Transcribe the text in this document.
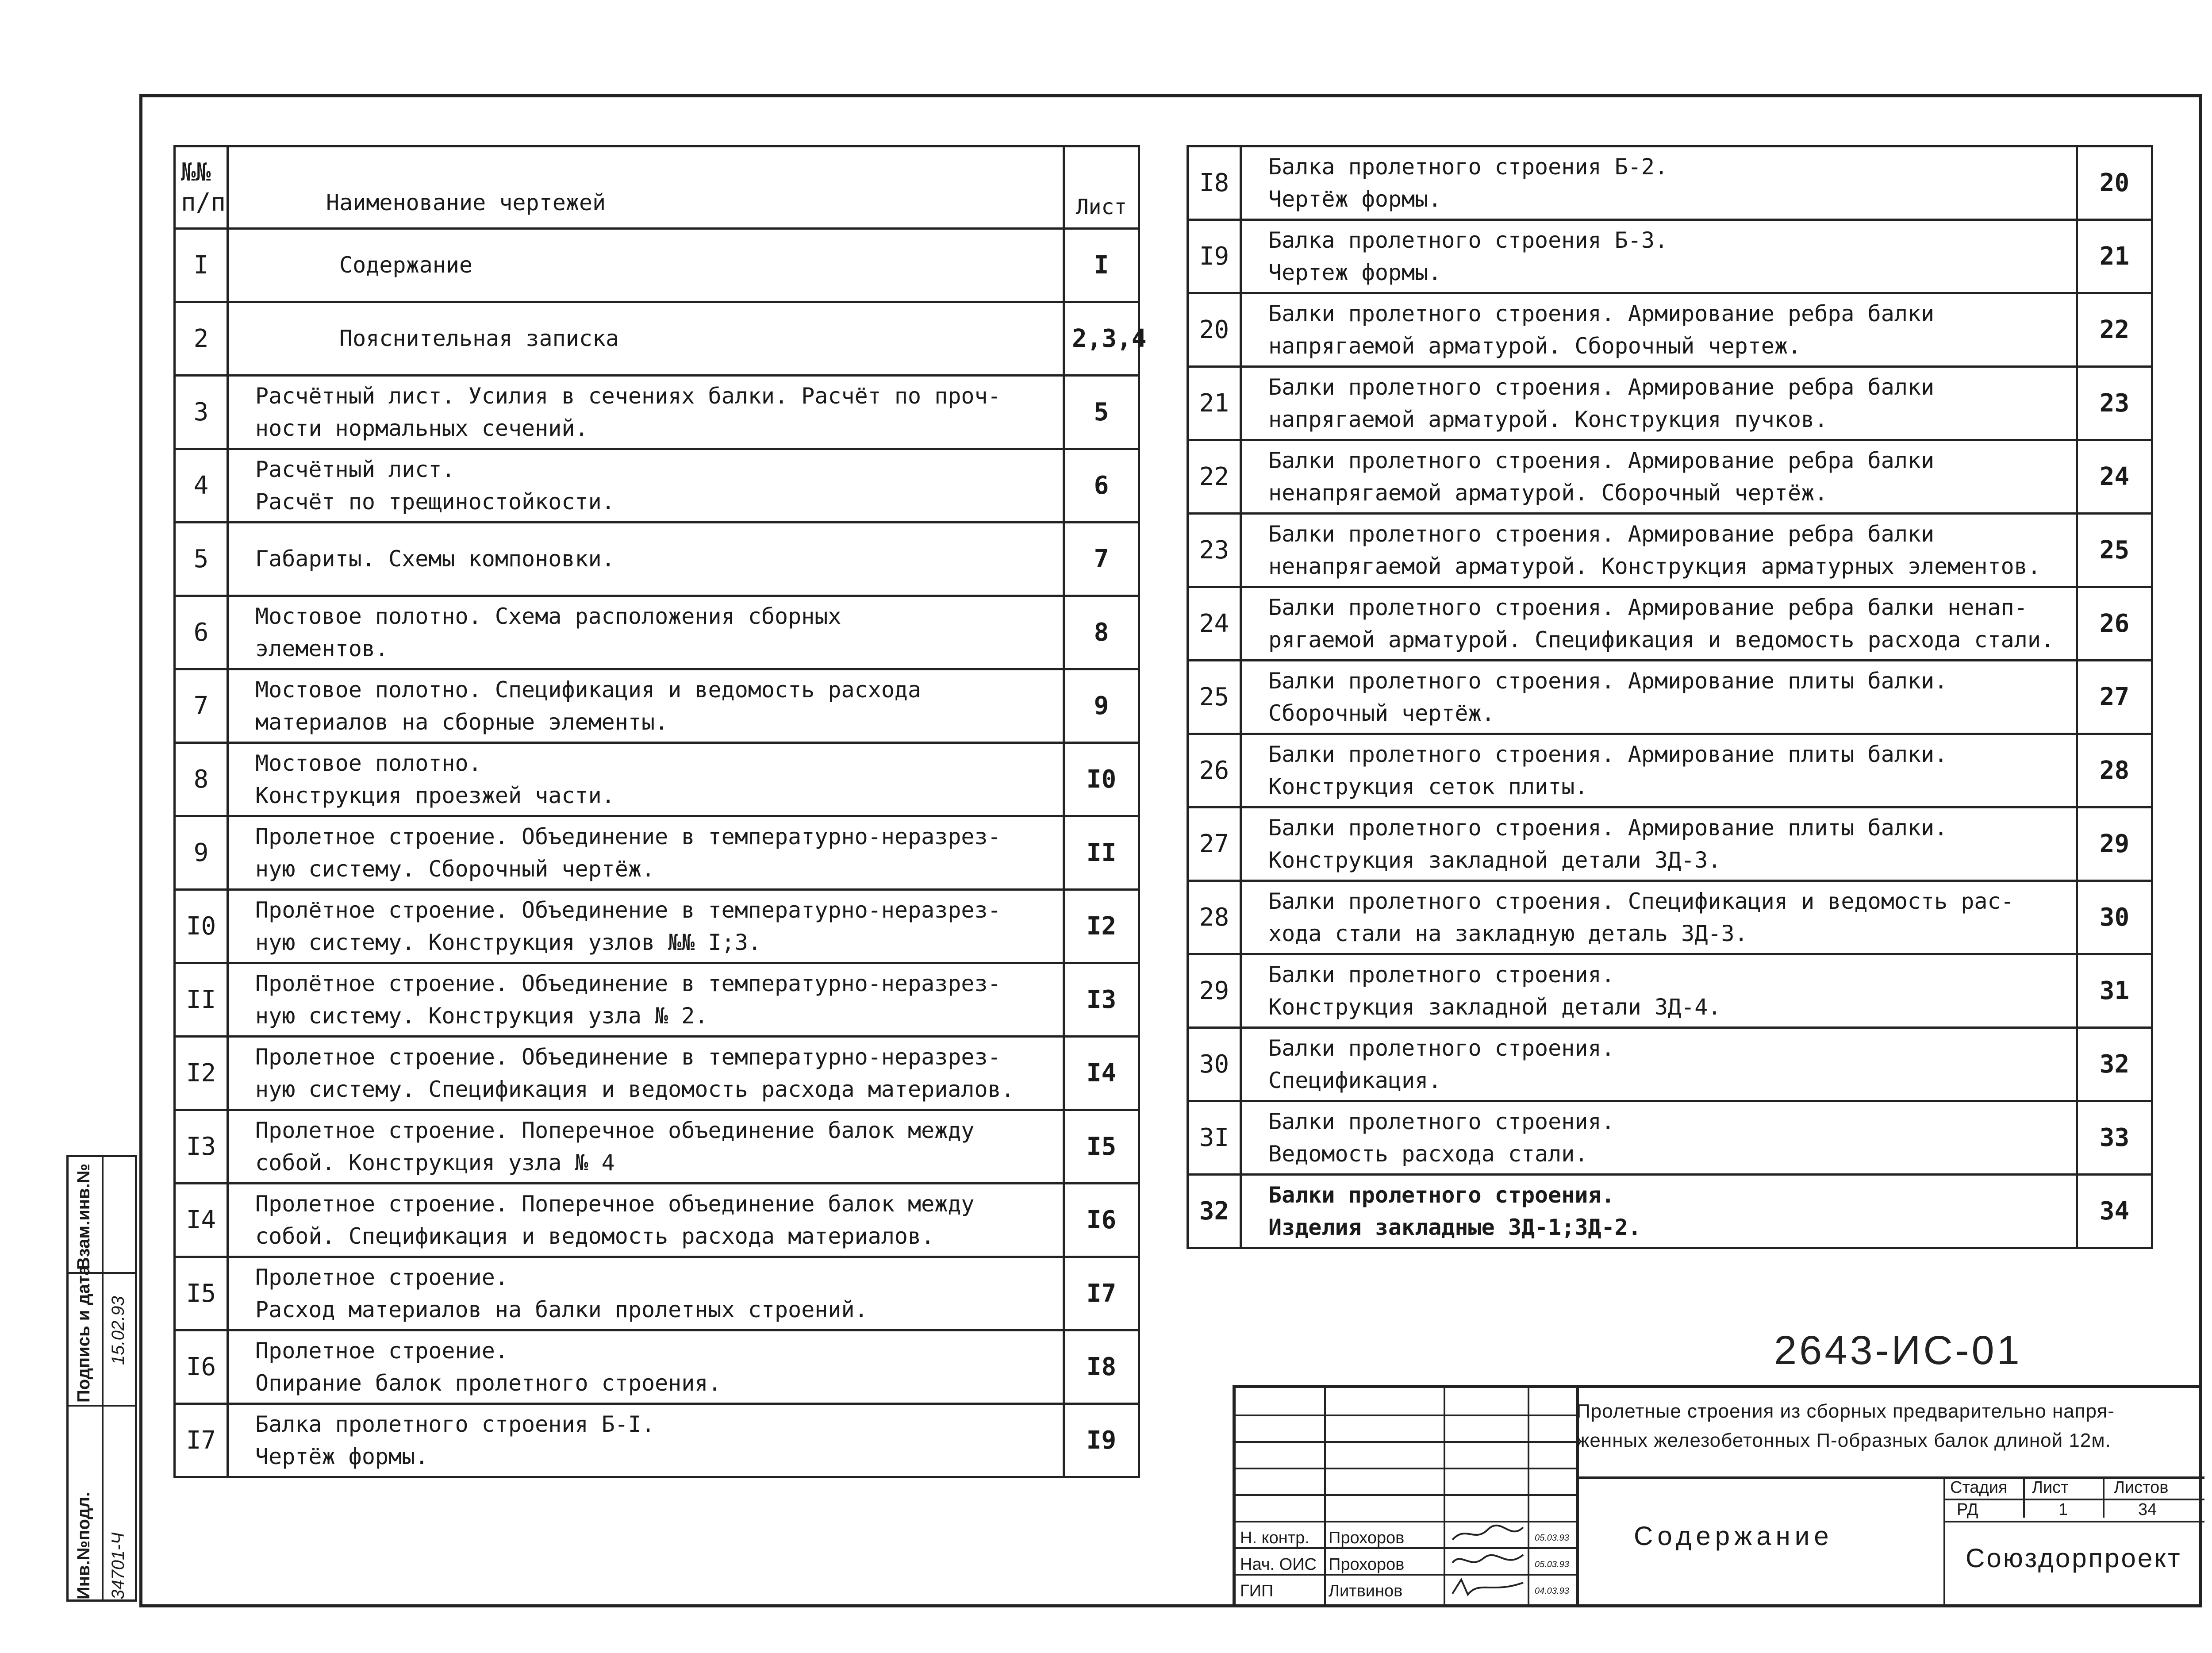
№№
п/п	Наименование чертежей	Лист
I	Содержание	I
2	Пояснительная записка	2,3,4
3	Расчётный лист. Усилия в сечениях балки. Расчёт по проч-
ности нормальных сечений.	5
4	Расчётный лист.
Расчёт по трещиностойкости.	6
5	Габариты. Схемы компоновки.	7
6	Мостовое полотно. Схема расположения сборных
элементов.	8
7	Мостовое полотно. Спецификация и ведомость расхода
материалов на сборные элементы.	9
8	Мостовое полотно.
Конструкция проезжей части.	I0
9	Пролетное строение. Объединение в температурно-неразрез-
ную систему. Сборочный чертёж.	II
I0	Пролётное строение. Объединение в температурно-неразрез-
ную систему. Конструкция узлов №№ I;3.	I2
II	Пролётное строение. Объединение в температурно-неразрез-
ную систему. Конструкция узла № 2.	I3
I2	Пролетное строение. Объединение в температурно-неразрез-
ную систему. Спецификация и ведомость расхода материалов.	I4
I3	Пролетное строение. Поперечное объединение балок между
собой. Конструкция узла № 4	I5
I4	Пролетное строение. Поперечное объединение балок между
собой. Спецификация и ведомость расхода материалов.	I6
I5	Пролетное строение.
Расход материалов на балки пролетных строений.	I7
I6	Пролетное строение.
Опирание балок пролетного строения.	I8
I7	Балка пролетного строения Б-I.
Чертёж формы.	I9
I8	Балка пролетного строения Б-2.
Чертёж формы.	20
I9	Балка пролетного строения Б-3.
Чертеж формы.	21
20	Балки пролетного строения. Армирование ребра балки
напрягаемой арматурой. Сборочный чертеж.	22
21	Балки пролетного строения. Армирование ребра балки
напрягаемой арматурой. Конструкция пучков.	23
22	Балки пролетного строения. Армирование ребра балки
ненапрягаемой арматурой. Сборочный чертёж.	24
23	Балки пролетного строения. Армирование ребра балки
ненапрягаемой арматурой. Конструкция арматурных элементов.	25
24	Балки пролетного строения. Армирование ребра балки ненап-
рягаемой арматурой. Спецификация и ведомость расхода стали.	26
25	Балки пролетного строения. Армирование плиты балки.
Сборочный чертёж.	27
26	Балки пролетного строения. Армирование плиты балки.
Конструкция сеток плиты.	28
27	Балки пролетного строения. Армирование плиты балки.
Конструкция закладной детали ЗД-3.	29
28	Балки пролетного строения. Спецификация и ведомость рас-
хода стали на закладную деталь ЗД-3.	30
29	Балки пролетного строения.
Конструкция закладной детали ЗД-4.	31
30	Балки пролетного строения.
Спецификация.	32
3I	Балки пролетного строения.
Ведомость расхода стали.	33
32	Балки пролетного строения.
Изделия закладные ЗД-1;ЗД-2.	34
2643-ИС-01
Н. контр. Прохоров	05.03.93
Нач. ОИС Прохоров	05.03.93
ГИП	Литвинов	04.03.93
Пролетные строения из сборных предварительно напря-
женных железобетонных П-образных балок длиной 12м.
Стадия Лист	Листов
РД	1	34
Содержание
Союздорпроект
Инв.№подл.
Подпись и дата
Взам.инв.№
34701-Ч
15.02.93
